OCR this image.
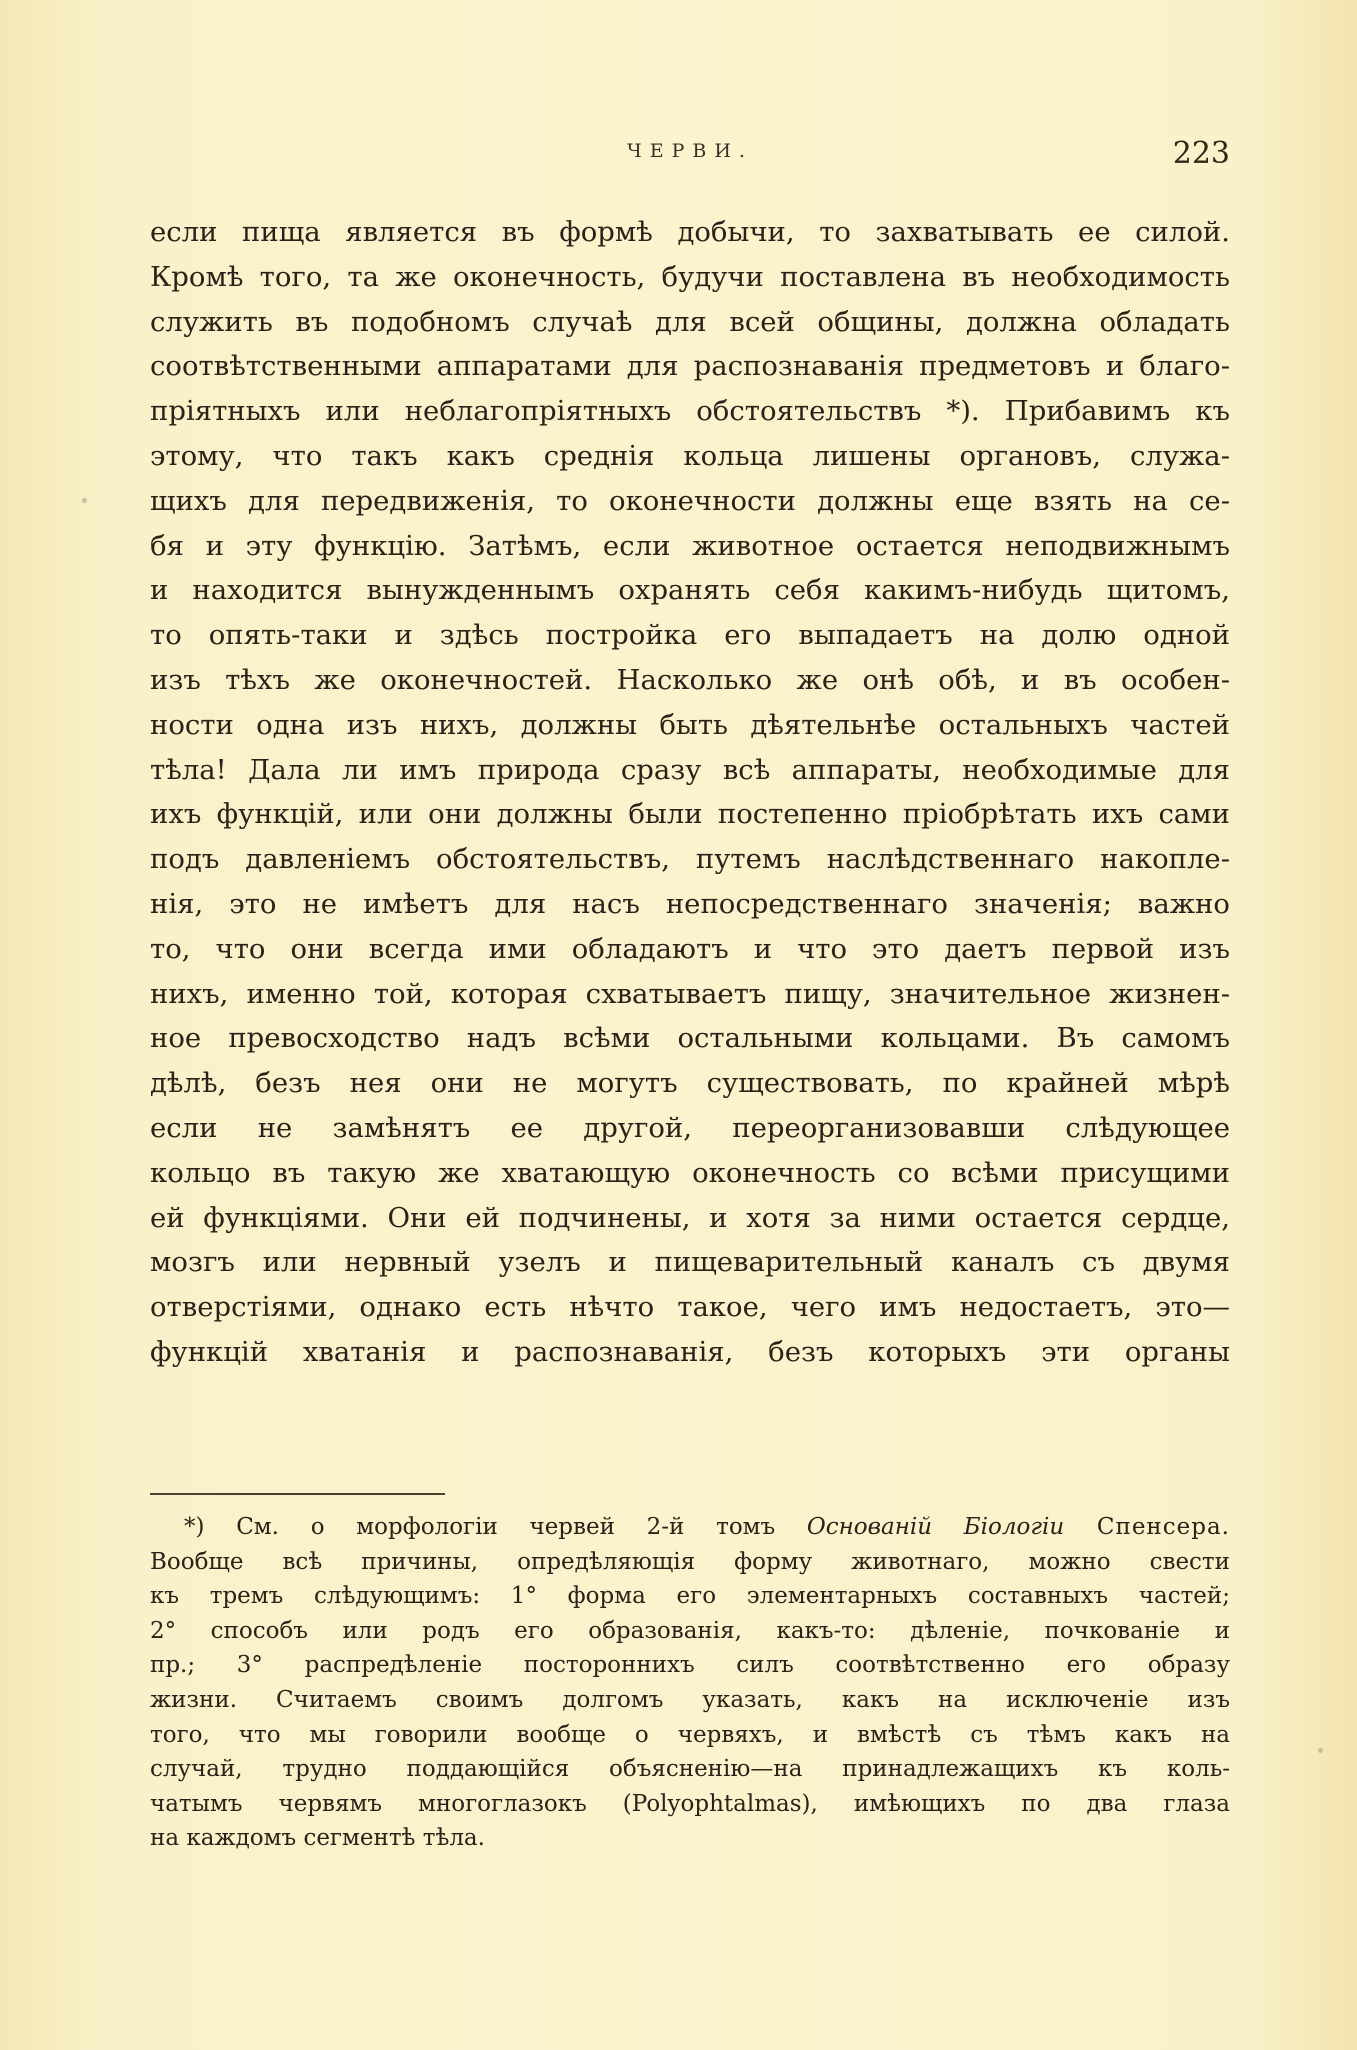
ЧЕРВИ.	223
если пища является въ формѣ добычи, то захватывать ее силой.
Кромѣ того, та же оконечность, будучи поставлена въ необходимость
служить въ подобномъ случаѣ для всей общины, должна обладать
соотвѣтственными аппаратами для распознаванія предметовъ и благо-
пріятныхъ или неблагопріятныхъ обстоятельствъ *). Прибавимъ къ
этому, что такъ какъ среднія кольца лишены органовъ, служа-
щихъ для передвиженія, то оконечности должны еще взять на се-
бя и эту функцію. Затѣмъ, если животное остается неподвижнымъ
и находится вынужденнымъ охранять себя какимъ-нибудь щитомъ,
то опять-таки и здѣсь постройка его выпадаетъ на долю одной
изъ тѣхъ же оконечностей. Насколько же онѣ обѣ, и въ особен-
ности одна изъ нихъ, должны быть дѣятельнѣе остальныхъ частей
тѣла! Дала ли имъ природа сразу всѣ аппараты, необходимые для
ихъ функцій, или они должны были постепенно пріобрѣтать ихъ сами
подъ давленіемъ обстоятельствъ, путемъ наслѣдственнаго накопле-
нія, это не имѣетъ для насъ непосредственнаго значенія; важно
то, что они всегда ими обладаютъ и что это даетъ первой изъ
нихъ, именно той, которая схватываетъ пищу, значительное жизнен-
ное превосходство надъ всѣми остальными кольцами. Въ самомъ
дѣлѣ, безъ нея они не могутъ существовать, по крайней мѣрѣ
если не замѣнятъ ее другой, переорганизовавши слѣдующее
кольцо въ такую же хватающую оконечность со всѣми присущими
ей функціями. Они ей подчинены, и хотя за ними остается сердце,
мозгъ или нервный узелъ и пищеварительный каналъ съ двумя
отверстіями, однако есть нѣчто такое, чего имъ недостаетъ, это—
функцій хватанія и распознаванія, безъ которыхъ эти органы
*) См. о морфологіи червей 2-й томъ Основаній Біологіи Спенсера.
Вообще всѣ причины, опредѣляющія форму животнаго, можно свести
къ тремъ слѣдующимъ: 1° форма его элементарныхъ составныхъ частей;
2° способъ или родъ его образованія, какъ-то: дѣленіе, почкованіе и
пр.; 3° распредѣленіе постороннихъ силъ соотвѣтственно его образу
жизни. Считаемъ своимъ долгомъ указать, какъ на исключеніе изъ
того, что мы говорили вообще о червяхъ, и вмѣстѣ съ тѣмъ какъ на
случай, трудно поддающійся объясненію—на принадлежащихъ къ коль-
чатымъ червямъ многоглазокъ (Polyophtalmas), имѣющихъ по два глаза
на каждомъ сегментѣ тѣла.
